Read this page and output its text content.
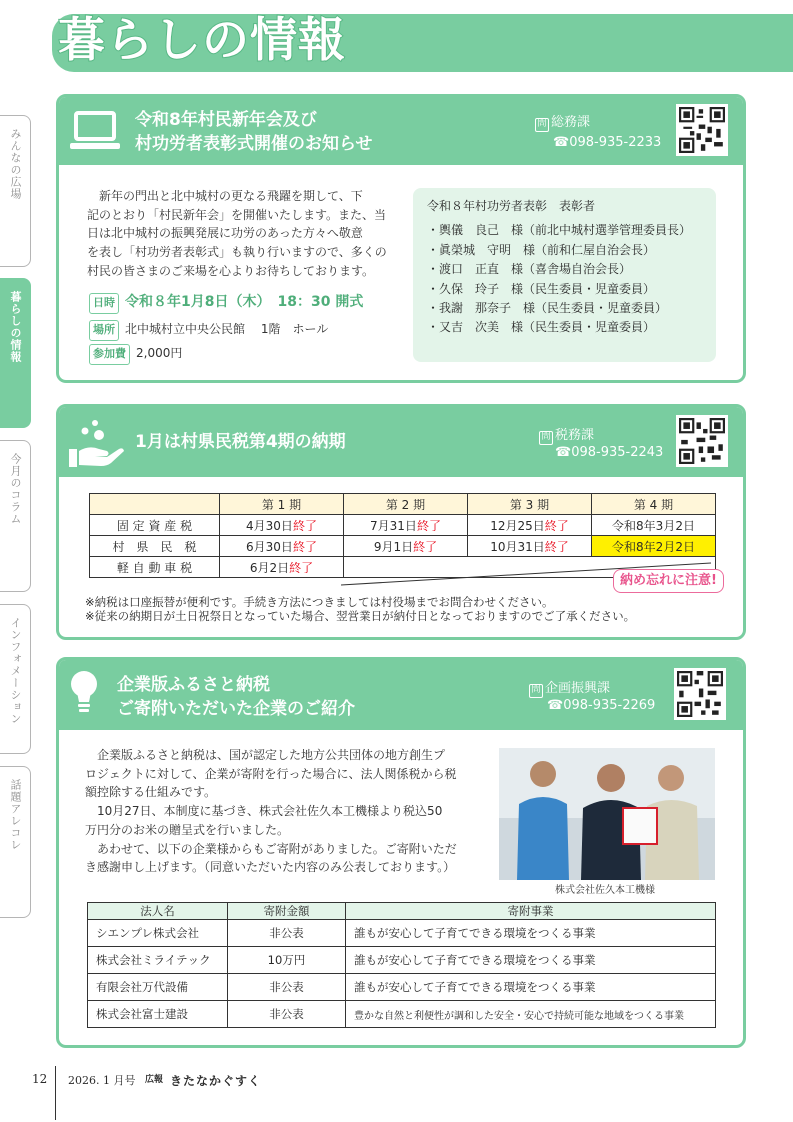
暮らしの情報
みんなの広場
暮らしの情報
今月のコラム
インフォメーション
話題アレコレ
令和8年村民新年会及び
村功労者表彰式開催のお知らせ
問 総務課
☎098-935-2233
新年の門出と北中城村の更なる飛躍を期して、下
記のとおり「村民新年会」を開催いたします。また、当
日は北中城村の振興発展に功労のあった方々へ敬意
を表し「村功労者表彰式」も執り行いますので、多くの
村民の皆さまのご来場を心よりお待ちしております。
日時 令和８年1月8日（木）　18：30 開式
場所 北中城村立中央公民館　 1階　ホール
参加費 2,000円
令和８年村功労者表彰　表彰者
・輿儀　良己　様（前北中城村選挙管理委員長）
・眞榮城　守明　様（前和仁屋自治会長）
・渡口　正直　様（喜舎場自治会長）
・久保　玲子　様（民生委員・児童委員）
・我謝　那奈子　様（民生委員・児童委員）
・又吉　次美　様（民生委員・児童委員）
1月は村県民税第4期の納期	問 税務課
☎098-935-2243
	第 1 期	第 2 期	第 3 期	第 4 期
固 定 資 産 税	4月30日終了	7月31日終了	12月25日終了	令和8年3月2日
村　県　民　税	6月30日終了	9月1日終了	10月31日終了	令和8年2月2日
軽 自 動 車 税	6月2日終了			
納め忘れに注意!
※納税は口座振替が便利です。手続き方法につきましては村役場までお問合わせください。
※従来の納期日が土日祝祭日となっていた場合、翌営業日が納付日となっておりますのでご了承ください。
企業版ふるさと納税
ご寄附いただいた企業のご紹介
問 企画振興課
☎098-935-2269
企業版ふるさと納税は、国が認定した地方公共団体の地方創生プ
ロジェクトに対して、企業が寄附を行った場合に、法人関係税から税
額控除する仕組みです。
10月27日、本制度に基づき、株式会社佐久本工機様より税込50
万円分のお米の贈呈式を行いました。
あわせて、以下の企業様からもご寄附がありました。ご寄附いただ
き感謝申し上げます。（同意いただいた内容のみ公表しております。）
株式会社佐久本工機様
法人名	寄附金額	寄附事業
シエンプレ株式会社	非公表	誰もが安心して子育てできる環境をつくる事業
株式会社ミライテック	10万円	誰もが安心して子育てできる環境をつくる事業
有限会社万代設備	非公表	誰もが安心して子育てできる環境をつくる事業
株式会社富士建設	非公表	豊かな自然と利便性が調和した安全・安心で持続可能な地域をつくる事業
12 2026. 1 月号 広報 きたなかぐすく
